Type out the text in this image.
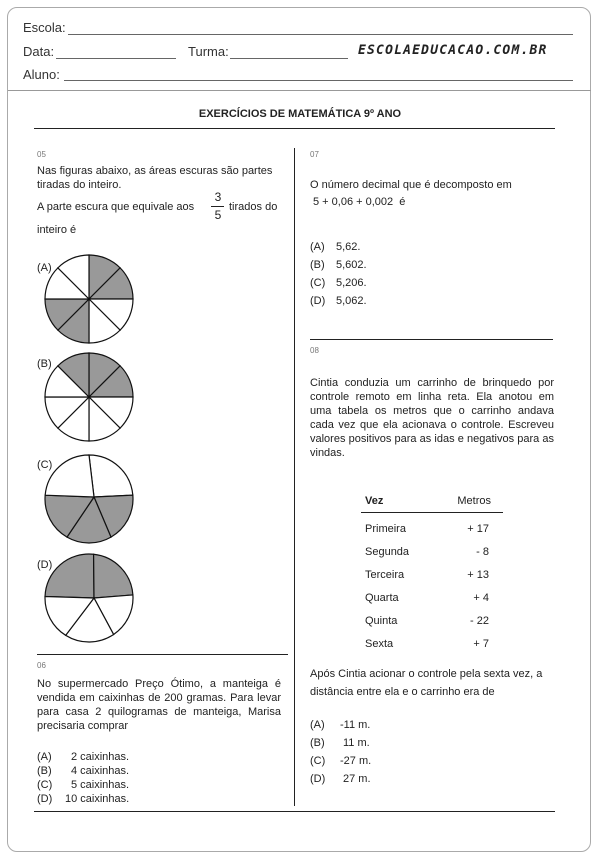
Escola:
Data:	Turma:	ESCOLAEDUCACAO.COM.BR
Aluno:
EXERCÍCIOS DE MATEMÁTICA 9º ANO
05
Nas figuras abaixo, as áreas escuras são partes tiradas do inteiro.
A parte escura que equivale aos
3
5
tirados do
inteiro é
(A)
(B)
(C)
(D)
06
No supermercado Preço Ótimo, a manteiga é vendida em caixinhas de 200 gramas. Para levar para casa 2 quilogramas de manteiga, Marisa precisaria comprar
(A) 2 caixinhas.
(B) 4 caixinhas.
(C) 5 caixinhas.
(D) 10 caixinhas.
07
O número decimal que é decomposto em
5 + 0,06 + 0,002  é
(A) 5,62.
(B) 5,602.
(C) 5,206.
(D) 5,062.
08
Cintia conduzia um carrinho de brinquedo por controle remoto em linha reta. Ela anotou em uma tabela os metros que o carrinho andava cada vez que ela acionava o controle. Escreveu valores positivos para as idas e negativos para as vindas.
Vez	Metros
Primeira	+ 17
Segunda	- 8
Terceira	+ 13
Quarta	+ 4
Quinta	- 22
Sexta	+ 7
Após Cintia acionar o controle pela sexta vez, a distância entre ela e o carrinho era de
(A) -11 m.
(B) 11 m.
(C) -27 m.
(D) 27 m.
